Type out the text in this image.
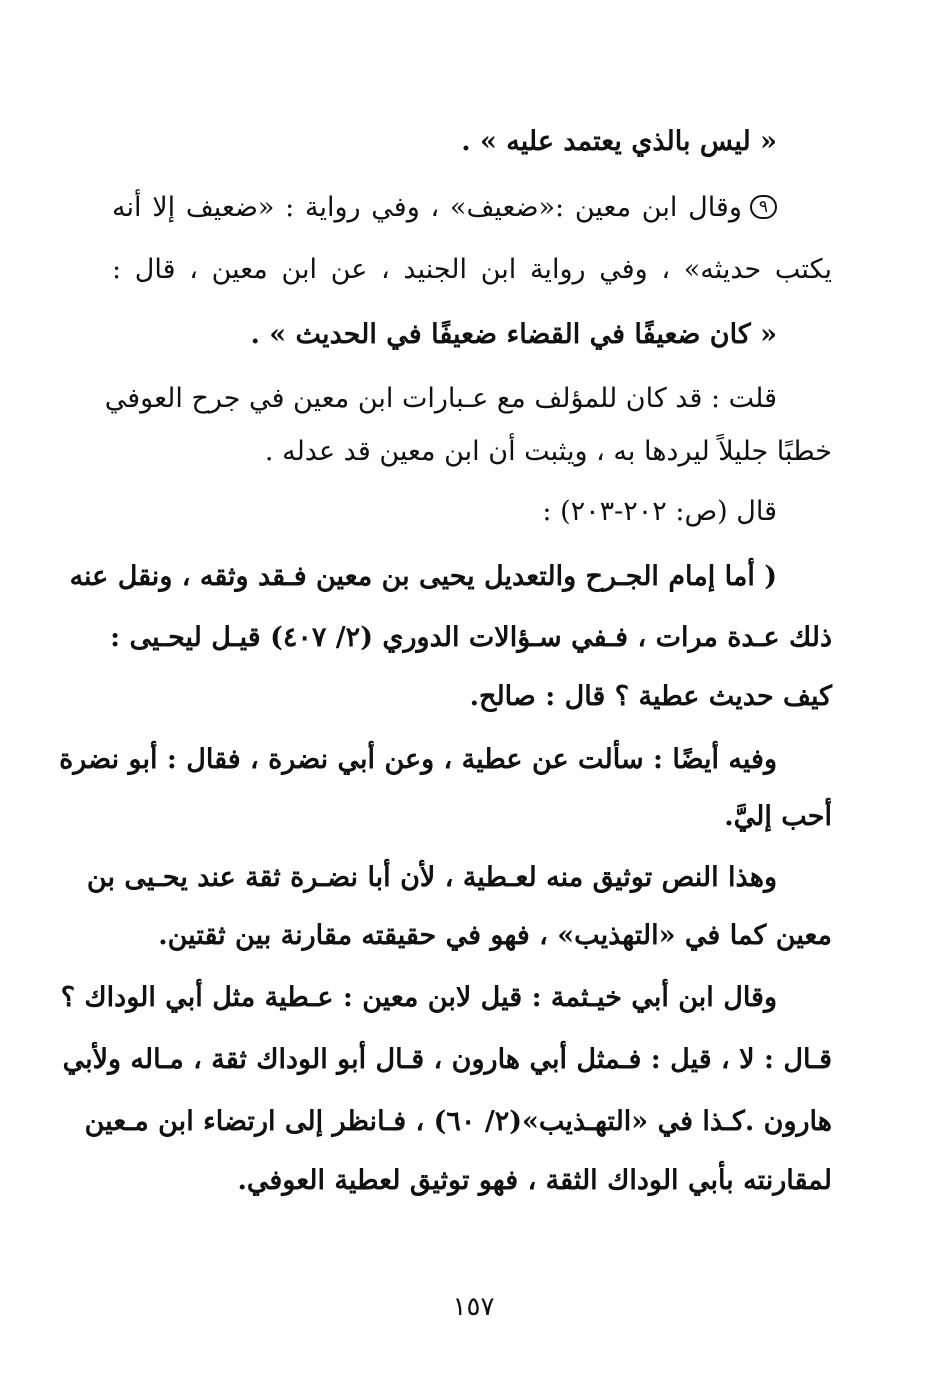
« ليس بالذي يعتمد عليه » .
٩وقال ابن معين :«ضعيف» ، وفي رواية : «ضعيف إلا أنه
يكتب حديثه» ، وفي رواية ابن الجنيد ، عن ابن معين ، قال :
« كان ضعيفًا في القضاء ضعيفًا في الحديث » .
قلت : قد كان للمؤلف مع عـبارات ابن معين في جرح العوفي
خطبًا جليلاً ليردها به ، ويثبت أن ابن معين قد عدله .
قال (ص: ٢٠٢-٢٠٣) :
( أما إمام الجـرح والتعديل يحيى بن معين فـقد وثقه ، ونقل عنه
ذلك عـدة مرات ، فـفي سـؤالات الدوري (٢/ ٤٠٧) قيـل ليحـيى :
كيف حديث عطية ؟ قال : صالح.
وفيه أيضًا : سألت عن عطية ، وعن أبي نضرة ، فقال : أبو نضرة
أحب إليَّ.
وهذا النص توثيق منه لعـطية ، لأن أبا نضـرة ثقة عند يحـيى بن
معين كما في «التهذيب» ، فهو في حقيقته مقارنة بين ثقتين.
وقال ابن أبي خيـثمة : قيل لابن معين : عـطية مثل أبي الوداك ؟
قـال : لا ، قيل : فـمثل أبي هارون ، قـال أبو الوداك ثقة ، مـاله ولأبي
هارون .كـذا في «التهـذيب»(٢/ ٦٠) ، فـانظر إلى ارتضاء ابن مـعين
لمقارنته بأبي الوداك الثقة ، فهو توثيق لعطية العوفي.
١٥٧
